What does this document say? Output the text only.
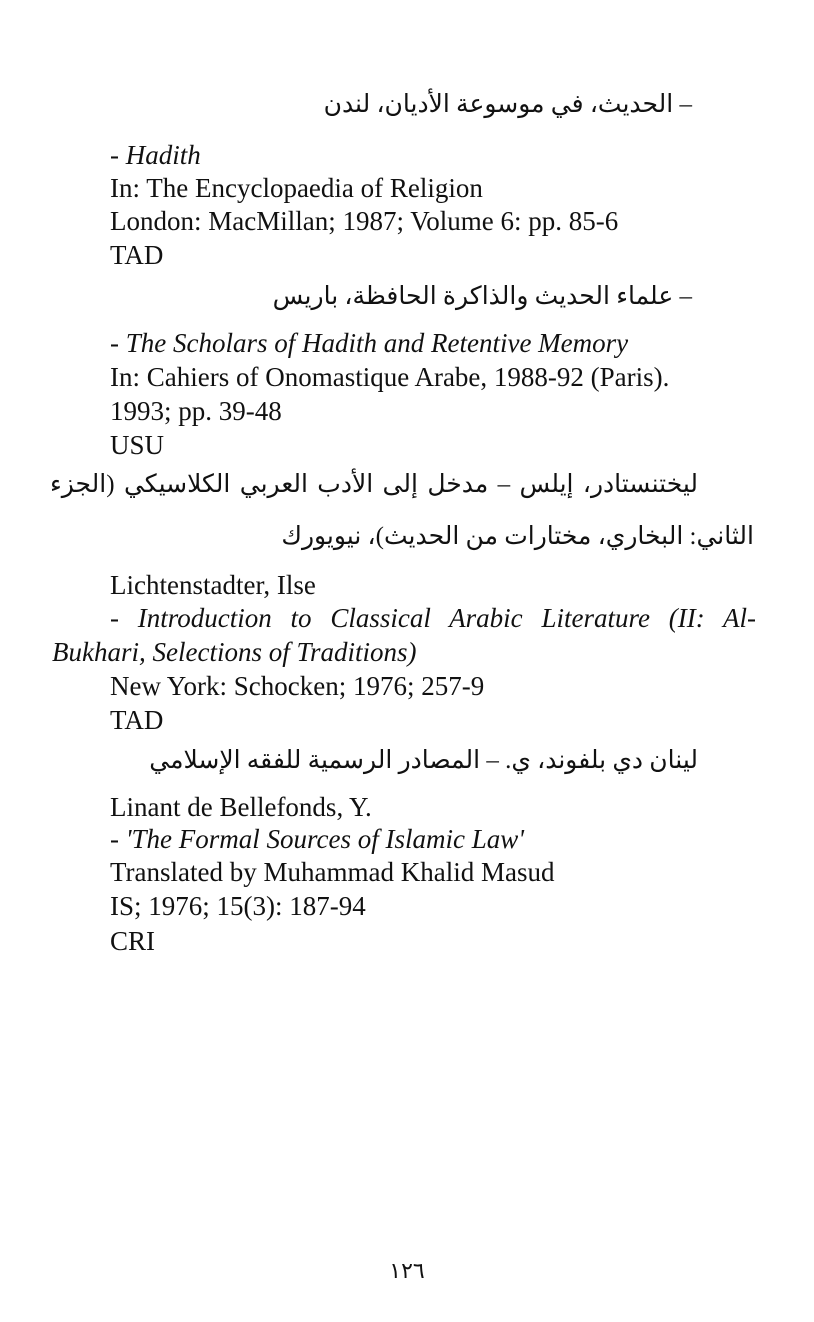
– الحديث، في موسوعة الأديان، لندن
- Hadith
In: The Encyclopaedia of Religion
London: MacMillan; 1987; Volume 6: pp. 85-6
TAD
– علماء الحديث والذاكرة الحافظة، باريس
- The Scholars of Hadith and Retentive Memory
In: Cahiers of Onomastique Arabe, 1988-92 (Paris).
1993; pp. 39-48
USU
ليختنستادر، إيلس – مدخل إلى الأدب العربي الكلاسيكي (الجزء
الثاني: البخاري، مختارات من الحديث)، نيويورك
Lichtenstadter, Ilse
- Introduction to Classical Arabic Literature (II: Al-
Bukhari, Selections of Traditions)
New York: Schocken; 1976; 257-9
TAD
لينان دي بلفوند، ي. – المصادر الرسمية للفقه الإسلامي
Linant de Bellefonds, Y.
- 'The Formal Sources of Islamic Law'
Translated by Muhammad Khalid Masud
IS; 1976; 15(3): 187-94
CRI
١٢٦
